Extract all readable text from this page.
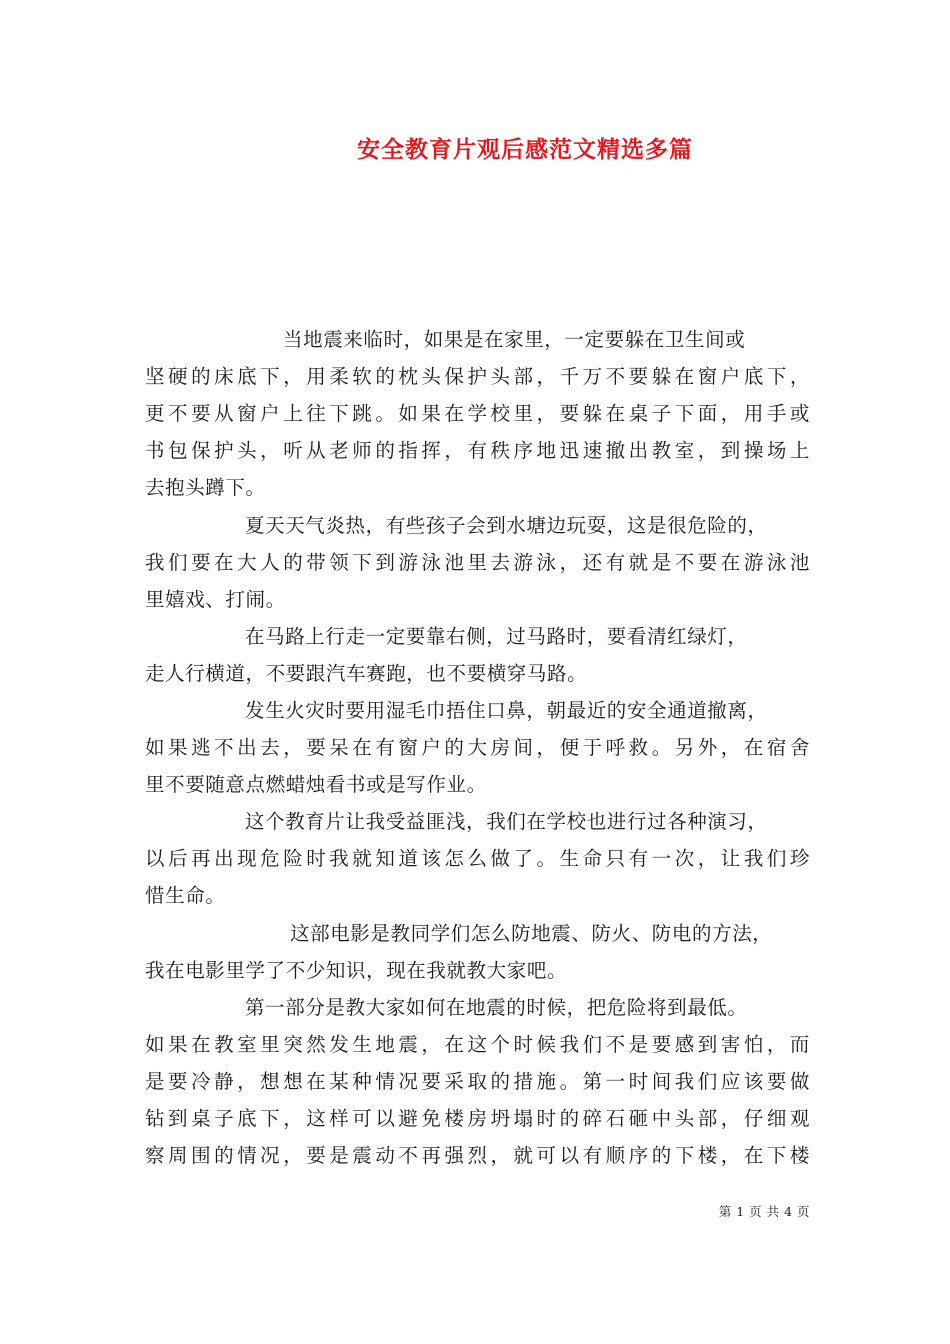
安全教育片观后感范文精选多篇
当地震来临时，如果是在家里，一定要躲在卫生间或
坚硬的床底下，用柔软的枕头保护头部，千万不要躲在窗户底下，
更不要从窗户上往下跳。如果在学校里，要躲在桌子下面，用手或
书包保护头，听从老师的指挥，有秩序地迅速撤出教室，到操场上
去抱头蹲下。
夏天天气炎热，有些孩子会到水塘边玩耍，这是很危险的，
我们要在大人的带领下到游泳池里去游泳，还有就是不要在游泳池
里嬉戏、打闹。
在马路上行走一定要靠右侧，过马路时，要看清红绿灯，
走人行横道，不要跟汽车赛跑，也不要横穿马路。
发生火灾时要用湿毛巾捂住口鼻，朝最近的安全通道撤离，
如果逃不出去，要呆在有窗户的大房间，便于呼救。另外，在宿舍
里不要随意点燃蜡烛看书或是写作业。
这个教育片让我受益匪浅，我们在学校也进行过各种演习，
以后再出现危险时我就知道该怎么做了。生命只有一次，让我们珍
惜生命。
这部电影是教同学们怎么防地震、防火、防电的方法，
我在电影里学了不少知识，现在我就教大家吧。
第一部分是教大家如何在地震的时候，把危险将到最低。
如果在教室里突然发生地震，在这个时候我们不是要感到害怕，而
是要冷静，想想在某种情况要采取的措施。第一时间我们应该要做
钻到桌子底下，这样可以避免楼房坍塌时的碎石砸中头部，仔细观
察周围的情况，要是震动不再强烈，就可以有顺序的下楼，在下楼
第 1 页 共 4 页
